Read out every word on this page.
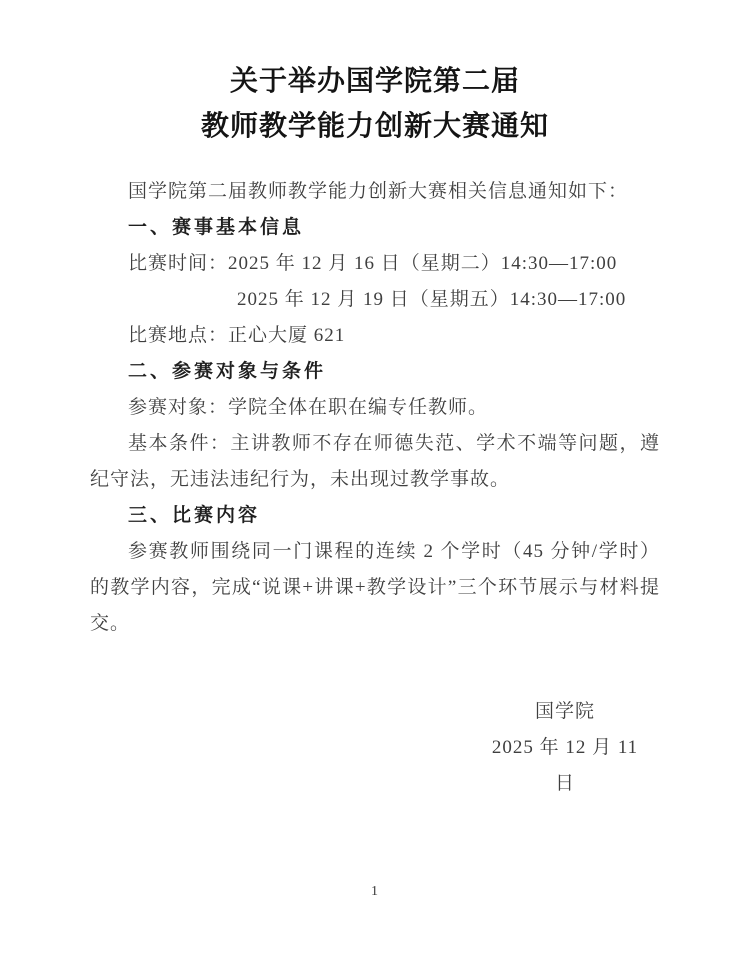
关于举办国学院第二届
教师教学能力创新大赛通知

国学院第二届教师教学能力创新大赛相关信息通知如下：

一、赛事基本信息

比赛时间：2025 年 12 月 16 日（星期二）14:30—17:00

2025 年 12 月 19 日（星期五）14:30—17:00

比赛地点：正心大厦 621

二、参赛对象与条件

参赛对象：学院全体在职在编专任教师。

基本条件：主讲教师不存在师德失范、学术不端等问题，遵纪守法，无违法违纪行为，未出现过教学事故。

三、比赛内容

参赛教师围绕同一门课程的连续 2 个学时（45 分钟/学时）的教学内容，完成“说课+讲课+教学设计”三个环节展示与材料提交。

国学院

2025 年 12 月 11 日

1
